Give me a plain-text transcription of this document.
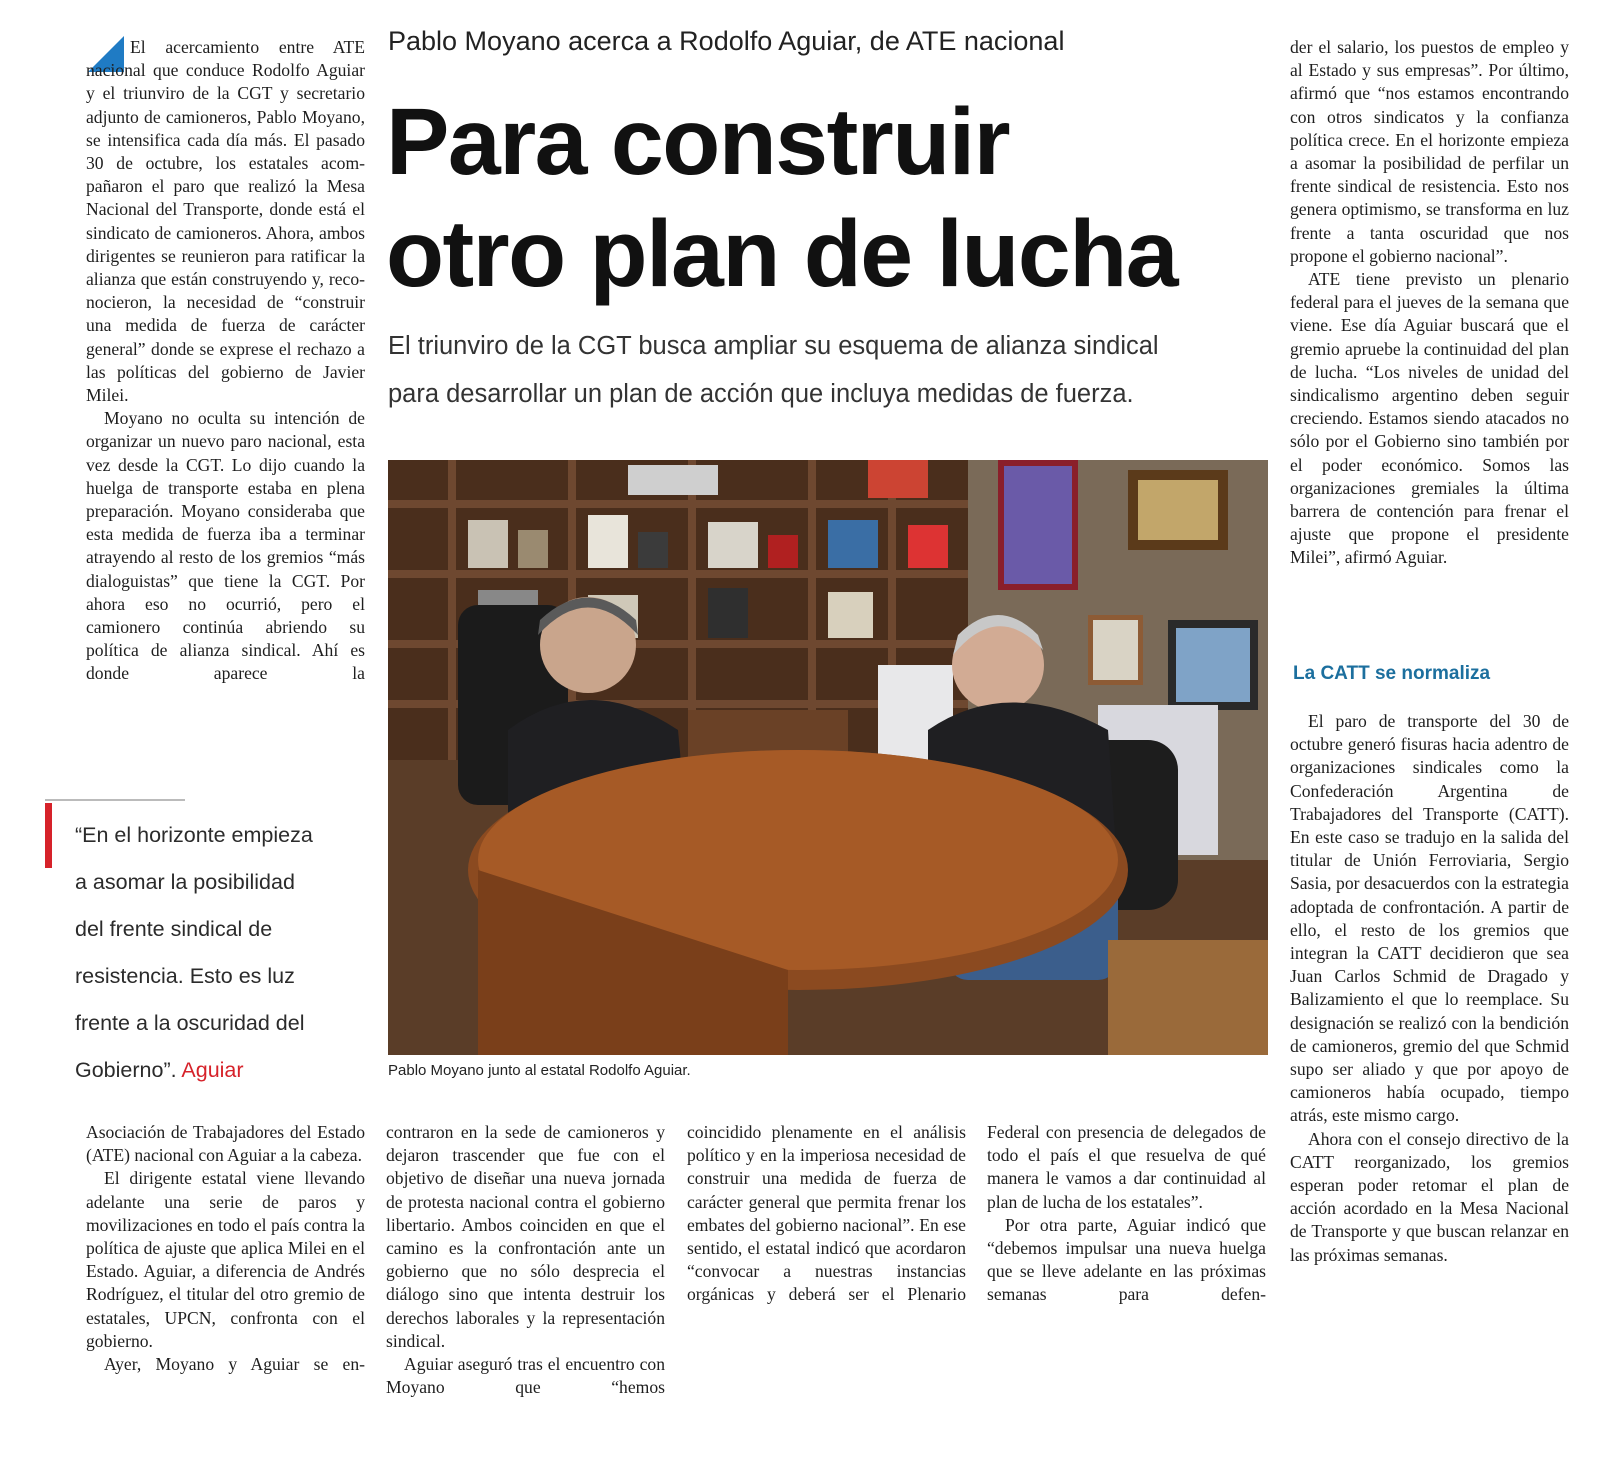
El acercamiento entre ATE nacional que conduce Rodolfo Aguiar y el triunviro de la CGT y secretario adjunto de camioneros, Pablo Moyano, se intensifica cada día más. El pasado 30 de octubre, los estatales acompañaron el paro que realizó la Mesa Nacional del Transporte, donde está el sindicato de camioneros. Ahora, ambos dirigentes se reunieron para ratificar la alianza que están construyendo y, reconocieron, la necesidad de “construir una medida de fuerza de carácter general” donde se exprese el rechazo a las políticas del gobierno de Javier Milei.

Moyano no oculta su intención de organizar un nuevo paro nacional, esta vez desde la CGT. Lo dijo cuando la huelga de transporte estaba en plena preparación. Moyano consideraba que esta medida de fuerza iba a terminar atrayendo al resto de los gremios “más dialoguistas” que tiene la CGT. Por ahora eso no ocurrió, pero el camionero continúa abriendo su política de alianza sindical. Ahí es donde aparece la

Pablo Moyano acerca a Rodolfo Aguiar, de ATE nacional
Para construir
otro plan de lucha

El triunviro de la CGT busca ampliar su esquema de alianza sindical
para desarrollar un plan de acción que incluya medidas de fuerza.

Pablo Moyano junto al estatal Rodolfo Aguiar.

“En el horizonte empieza
a asomar la posibilidad
del frente sindical de
resistencia. Esto es luz
frente a la oscuridad del
Gobierno”. Aguiar

Asociación de Trabajadores del Estado (ATE) nacional con Aguiar a la cabeza.

El dirigente estatal viene llevando adelante una serie de paros y movilizaciones en todo el país contra la política de ajuste que aplica Milei en el Estado. Aguiar, a diferencia de Andrés Rodríguez, el titular del otro gremio de estatales, UPCN, confronta con el gobierno.

Ayer, Moyano y Aguiar se en-

contraron en la sede de camioneros y dejaron trascender que fue con el objetivo de diseñar una nueva jornada de protesta nacional contra el gobierno libertario. Ambos coinciden en que el camino es la confrontación ante un gobierno que no sólo desprecia el diálogo sino que intenta destruir los derechos laborales y la representación sindical.

Aguiar aseguró tras el encuentro con Moyano que “hemos

coincidido plenamente en el análisis político y en la imperiosa necesidad de construir una medida de fuerza de carácter general que permita frenar los embates del gobierno nacional”. En ese sentido, el estatal indicó que acordaron “convocar a nuestras instancias orgánicas y deberá ser el Plenario

Federal con presencia de delegados de todo el país el que resuelva de qué manera le vamos a dar continuidad al plan de lucha de los estatales”.

Por otra parte, Aguiar indicó que “debemos impulsar una nueva huelga que se lleve adelante en las próximas semanas para defen-

der el salario, los puestos de empleo y al Estado y sus empresas”. Por último, afirmó que “nos estamos encontrando con otros sindicatos y la confianza política crece. En el horizonte empieza a asomar la posibilidad de perfilar un frente sindical de resistencia. Esto nos genera optimismo, se transforma en luz frente a tanta oscuridad que nos propone el gobierno nacional”.

ATE tiene previsto un plenario federal para el jueves de la semana que viene. Ese día Aguiar buscará que el gremio apruebe la continuidad del plan de lucha. “Los niveles de unidad del sindicalismo argentino deben seguir creciendo. Estamos siendo atacados no sólo por el Gobierno sino también por el poder económico. Somos las organizaciones gremiales la última barrera de contención para frenar el ajuste que propone el presidente Milei”, afirmó Aguiar.

La CATT se normaliza

El paro de transporte del 30 de octubre generó fisuras hacia adentro de organizaciones sindicales como la Confederación Argentina de Trabajadores del Transporte (CATT). En este caso se tradujo en la salida del titular de Unión Ferroviaria, Sergio Sasia, por desacuerdos con la estrategia adoptada de confrontación. A partir de ello, el resto de los gremios que integran la CATT decidieron que sea Juan Carlos Schmid de Dragado y Balizamiento el que lo reemplace. Su designación se realizó con la bendición de camioneros, gremio del que Schmid supo ser aliado y que por apoyo de camioneros había ocupado, tiempo atrás, este mismo cargo.

Ahora con el consejo directivo de la CATT reorganizado, los gremios esperan poder retomar el plan de acción acordado en la Mesa Nacional de Transporte y que buscan relanzar en las próximas semanas.
